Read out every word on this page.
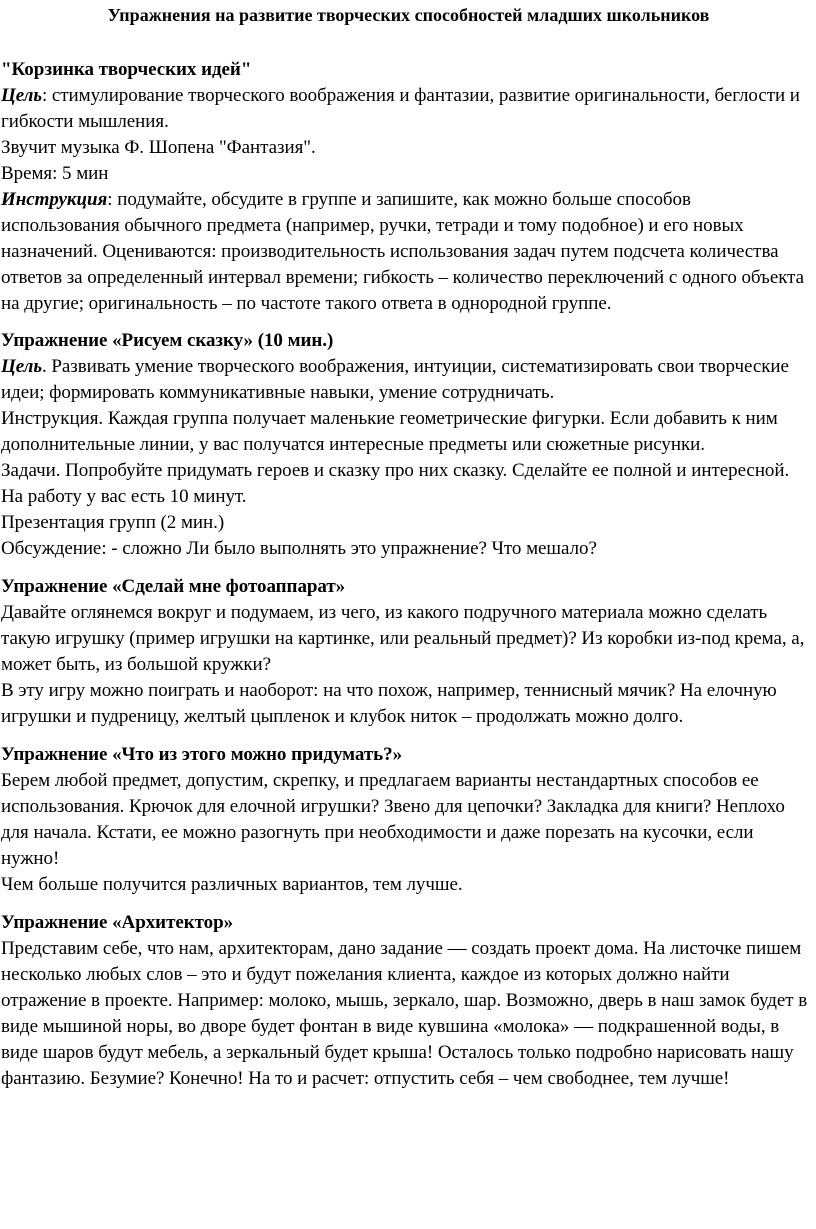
Упражнения на развитие творческих способностей младших школьников

"Корзинка творческих идей"

Цель: стимулирование творческого воображения и фантазии, развитие оригинальности, беглости и гибкости мышления.

Звучит музыка Ф. Шопена "Фантазия".

Время: 5 мин

Инструкция: подумайте, обсудите в группе и запишите, как можно больше способов использования обычного предмета (например, ручки, тетради и тому подобное) и его новых назначений. Оцениваются: производительность использования задач путем подсчета количества ответов за определенный интервал времени; гибкость – количество переключений с одного объекта на другие; оригинальность – по частоте такого ответа в однородной группе.

Упражнение «Рисуем сказку» (10 мин.)

Цель. Развивать умение творческого воображения, интуиции, систематизировать свои творческие идеи; формировать коммуникативные навыки, умение сотрудничать.

Инструкция. Каждая группа получает маленькие геометрические фигурки. Если добавить к ним дополнительные линии, у вас получатся интересные предметы или сюжетные рисунки.

Задачи. Попробуйте придумать героев и сказку про них сказку. Сделайте ее полной и интересной. На работу у вас есть 10 минут.

Презентация групп (2 мин.)

Обсуждение: - сложно Ли было выполнять это упражнение? Что мешало?

Упражнение «Сделай мне фотоаппарат»

Давайте оглянемся вокруг и подумаем, из чего, из какого подручного материала можно сделать такую игрушку (пример игрушки на картинке, или реальный предмет)? Из коробки из-под крема, а, может быть, из большой кружки?

В эту игру можно поиграть и наоборот: на что похож, например, теннисный мячик? На елочную игрушки и пудреницу, желтый цыпленок и клубок ниток – продолжать можно долго.

Упражнение «Что из этого можно придумать?»

Берем любой предмет, допустим, скрепку, и предлагаем варианты нестандартных способов ее использования. Крючок для елочной игрушки? Звено для цепочки? Закладка для книги? Неплохо для начала. Кстати, ее можно разогнуть при необходимости и даже порезать на кусочки, если нужно!

Чем больше получится различных вариантов, тем лучше.

Упражнение «Архитектор»

Представим себе, что нам, архитекторам, дано задание — создать проект дома. На листочке пишем несколько любых слов – это и будут пожелания клиента, каждое из которых должно найти отражение в проекте. Например: молоко, мышь, зеркало, шар. Возможно, дверь в наш замок будет в виде мышиной норы, во дворе будет фонтан в виде кувшина «молока» — подкрашенной воды, в виде шаров будут мебель, а зеркальный будет крыша! Осталось только подробно нарисовать нашу фантазию. Безумие? Конечно! На то и расчет: отпустить себя – чем свободнее, тем лучше!
